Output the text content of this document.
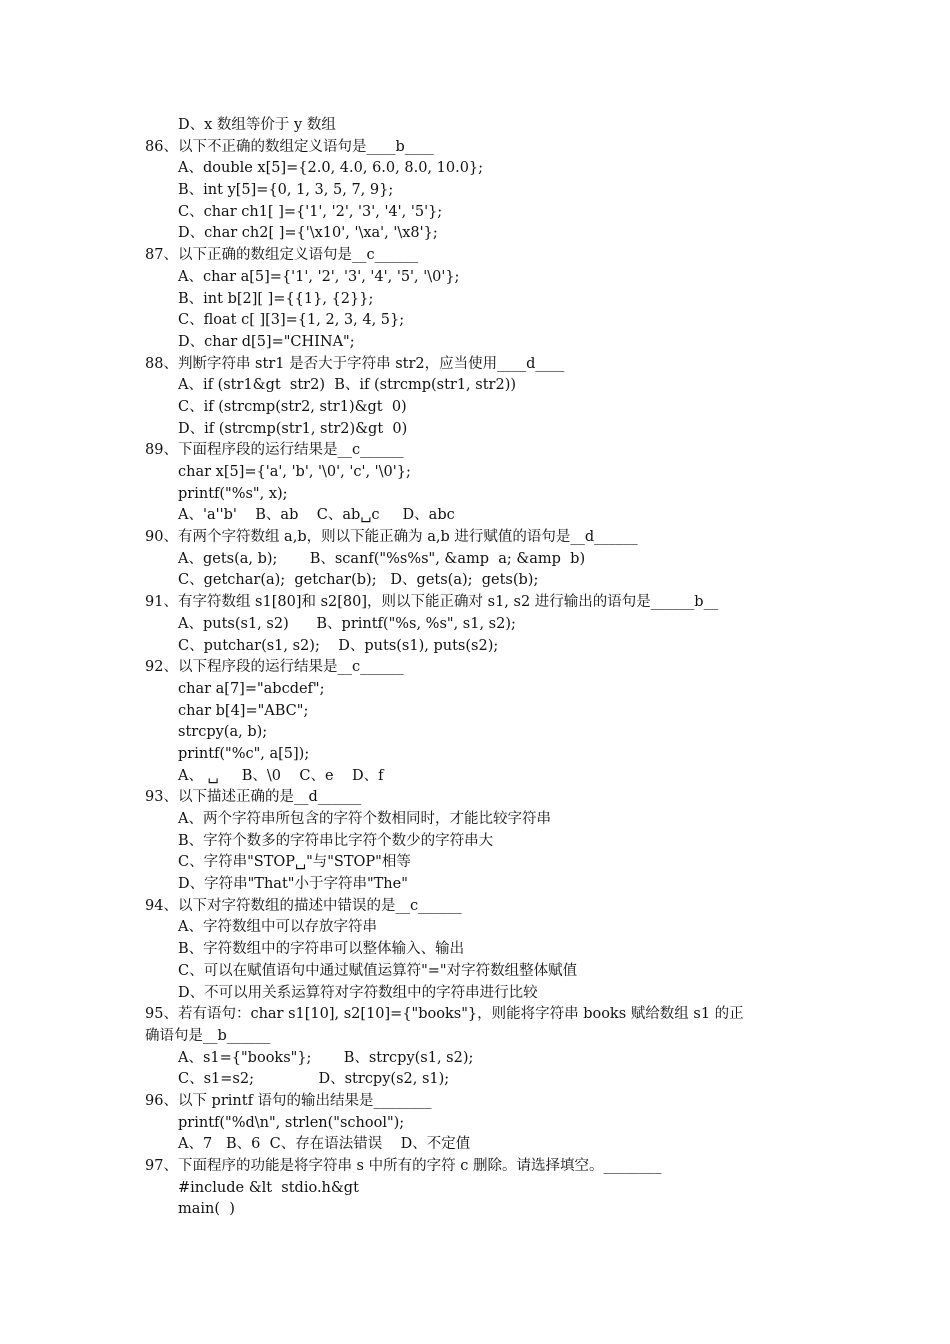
D、x 数组等价于 y 数组
86、以下不正确的数组定义语句是____b____
A、double x[5]={2.0, 4.0, 6.0, 8.0, 10.0};
B、int y[5]={0, 1, 3, 5, 7, 9};
C、char ch1[ ]={'1', '2', '3', '4', '5'};
D、char ch2[ ]={'\x10', '\xa', '\x8'};
87、以下正确的数组定义语句是__c______
A、char a[5]={'1', '2', '3', '4', '5', '\0'};
B、int b[2][ ]={{1}, {2}};
C、float c[ ][3]={1, 2, 3, 4, 5};
D、char d[5]="CHINA";
88、判断字符串 str1 是否大于字符串 str2，应当使用____d____
A、if (str1&gt  str2)  B、if (strcmp(str1, str2))
C、if (strcmp(str2, str1)&gt  0)
D、if (strcmp(str1, str2)&gt  0)
89、下面程序段的运行结果是__c______
char x[5]={'a', 'b', '\0', 'c', '\0'};
printf("%s", x);
A、'a''b'    B、ab    C、ab␣c     D、abc
90、有两个字符数组 a,b，则以下能正确为 a,b 进行赋值的语句是__d______
A、gets(a, b);       B、scanf("%s%s", &amp  a; &amp  b)
C、getchar(a);  getchar(b);   D、gets(a);  gets(b);
91、有字符数组 s1[80]和 s2[80]，则以下能正确对 s1, s2 进行输出的语句是______b__
A、puts(s1, s2)      B、printf("%s, %s", s1, s2);
C、putchar(s1, s2);    D、puts(s1), puts(s2);
92、以下程序段的运行结果是__c______
char a[7]="abcdef";
char b[4]="ABC";
strcpy(a, b);
printf("%c", a[5]);
A、 ␣     B、\0    C、e    D、f
93、以下描述正确的是__d______
A、两个字符串所包含的字符个数相同时，才能比较字符串
B、字符个数多的字符串比字符个数少的字符串大
C、字符串"STOP␣"与"STOP"相等
D、字符串"That"小于字符串"The"
94、以下对字符数组的描述中错误的是__c______
A、字符数组中可以存放字符串
B、字符数组中的字符串可以整体输入、输出
C、可以在赋值语句中通过赋值运算符"="对字符数组整体赋值
D、不可以用关系运算符对字符数组中的字符串进行比较
95、若有语句：char s1[10], s2[10]={"books"}，则能将字符串 books 赋给数组 s1 的正
确语句是__b______
A、s1={"books"};       B、strcpy(s1, s2);
C、s1=s2;              D、strcpy(s2, s1);
96、以下 printf 语句的输出结果是________
printf("%d\n", strlen("school");
A、7   B、6  C、存在语法错误    D、不定值
97、下面程序的功能是将字符串 s 中所有的字符 c 删除。请选择填空。________
#include &lt  stdio.h&gt
main(  )
